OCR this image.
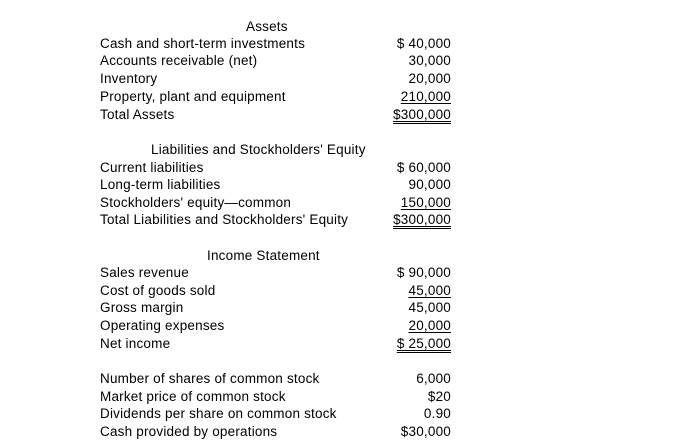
Assets
Cash and short-term investments	$ 40,000
Accounts receivable (net)	30,000
Inventory	20,000
Property, plant and equipment	210,000
Total Assets	$300,000
Liabilities and Stockholders' Equity
Current liabilities	$ 60,000
Long-term liabilities	90,000
Stockholders' equity—common	150,000
Total Liabilities and Stockholders' Equity	$300,000
Income Statement
Sales revenue	$ 90,000
Cost of goods sold	45,000
Gross margin	45,000
Operating expenses	20,000
Net income	$ 25,000
Number of shares of common stock	6,000
Market price of common stock	$20
Dividends per share on common stock	0.90
Cash provided by operations	$30,000
